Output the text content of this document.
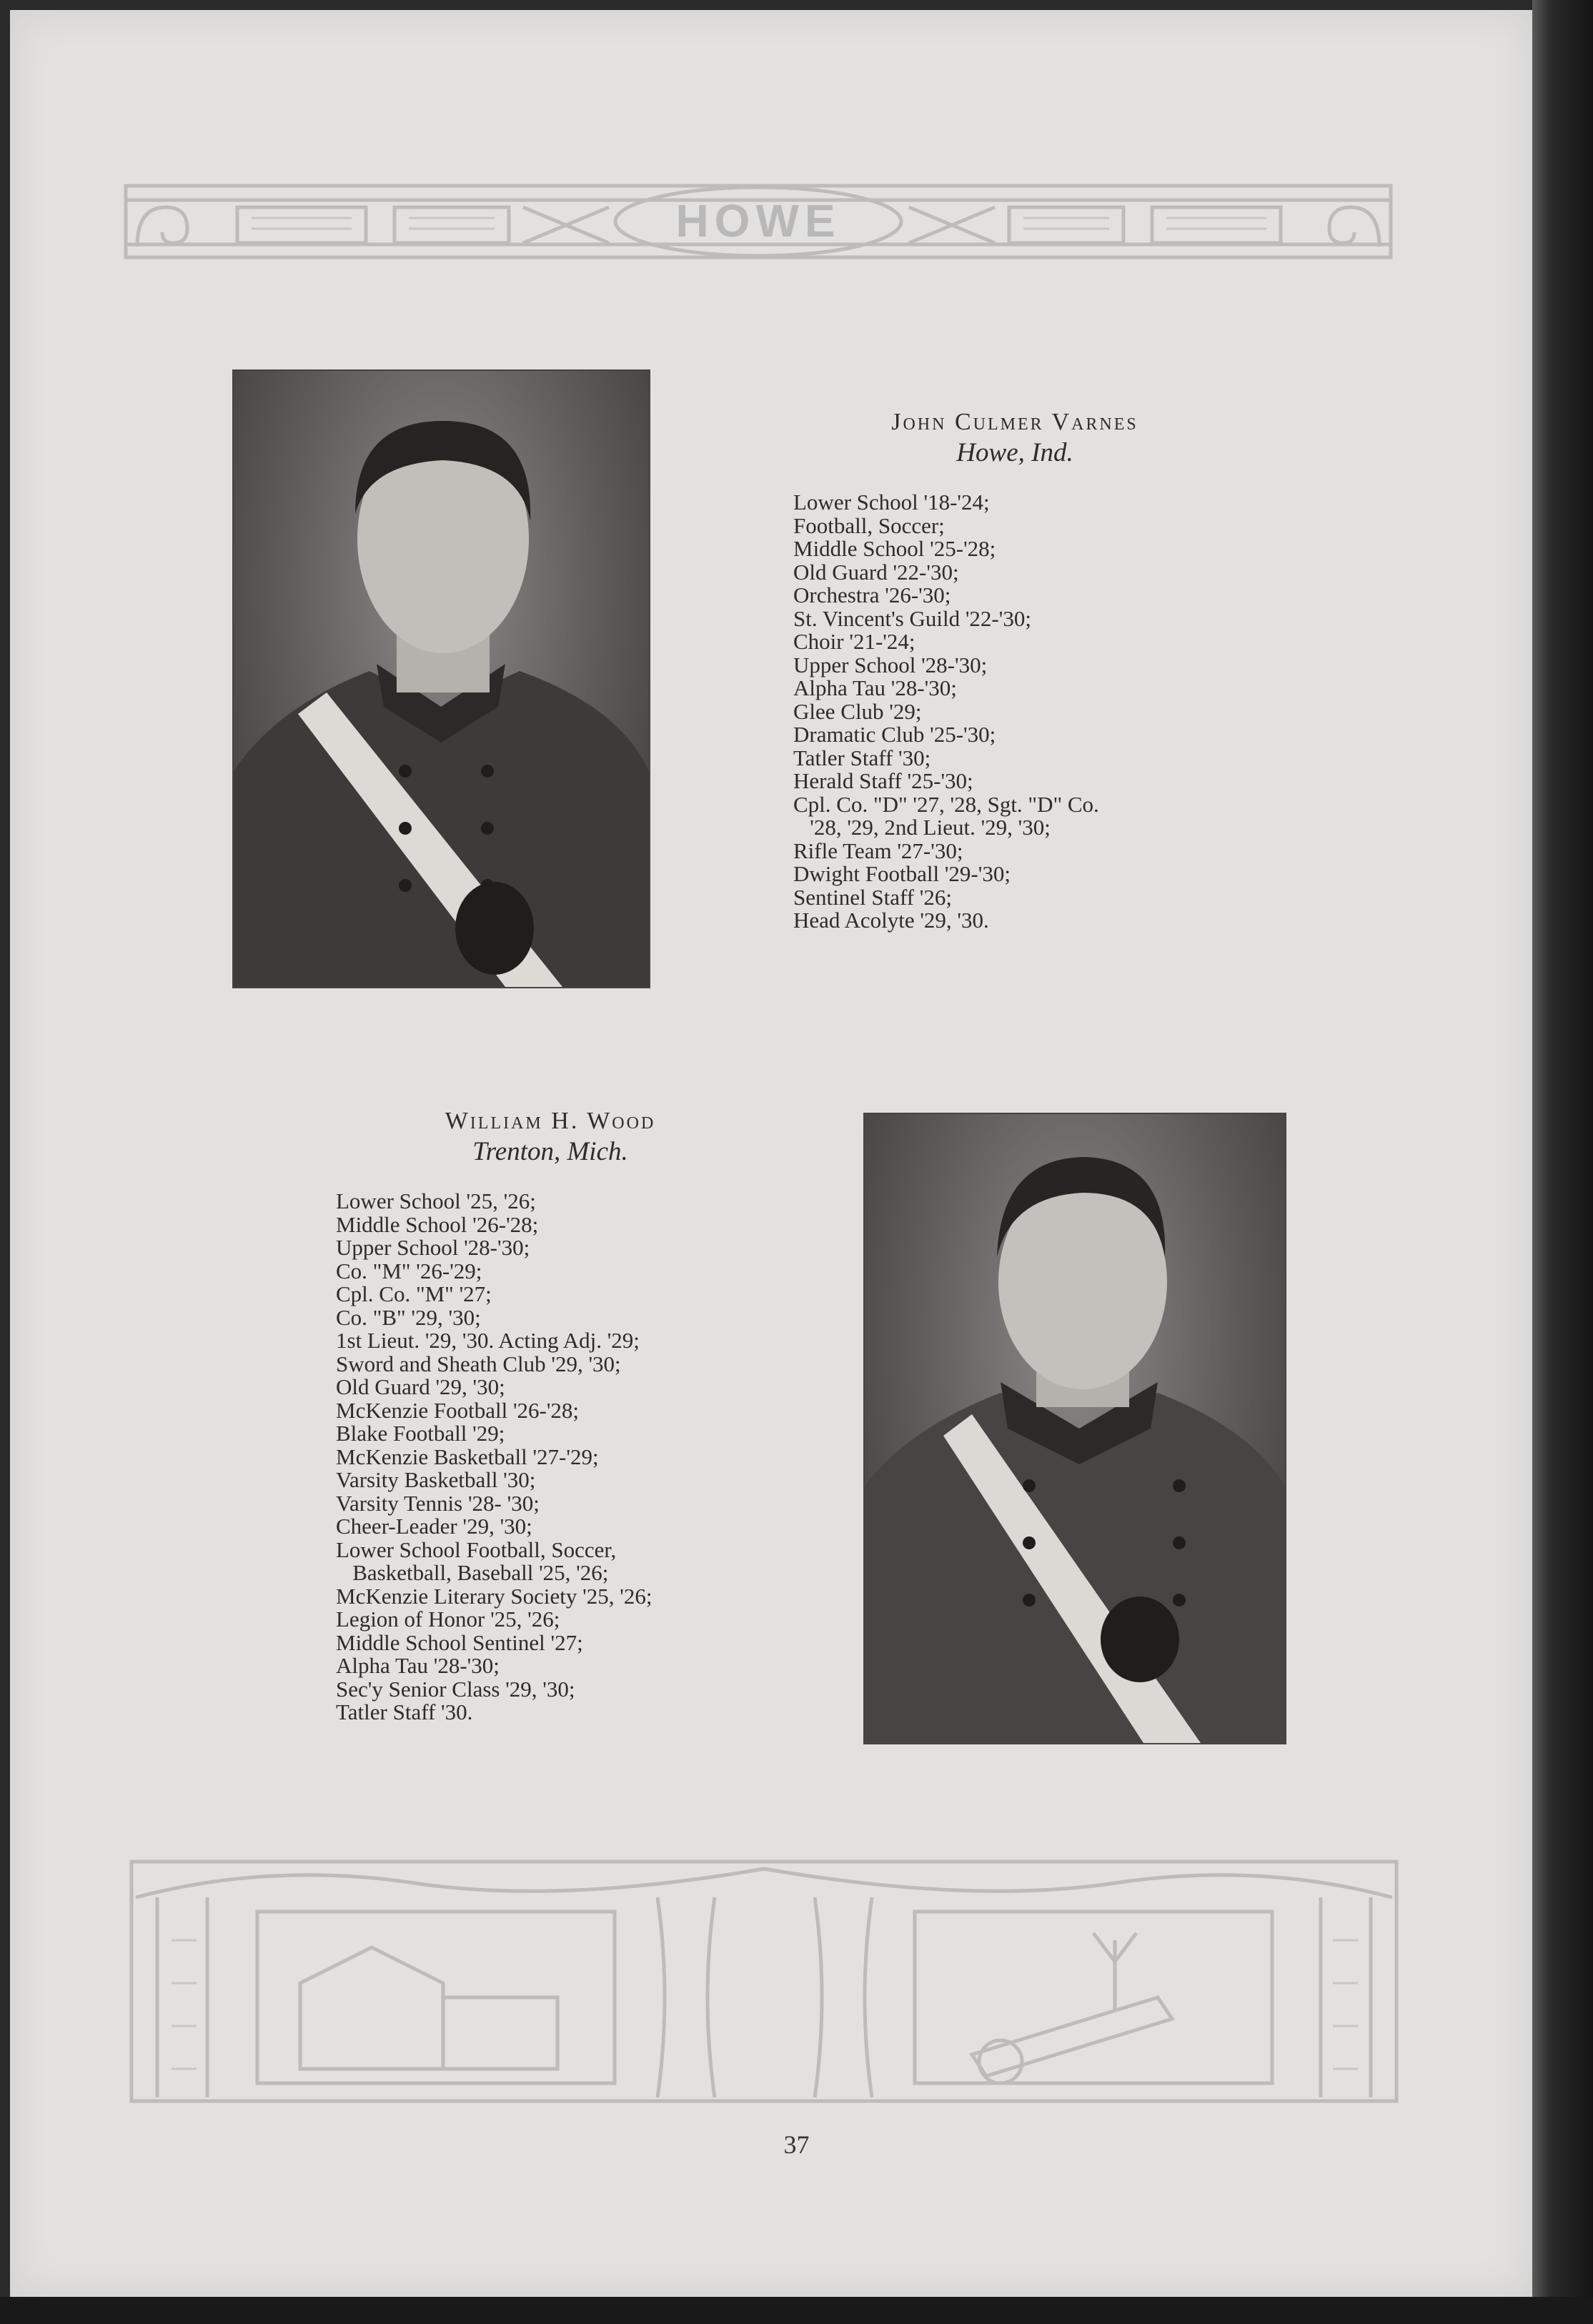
HOWE

John Culmer Varnes

Howe, Ind.

Lower School '18-'24;
Football, Soccer;
Middle School '25-'28;
Old Guard '22-'30;
Orchestra '26-'30;
St. Vincent's Guild '22-'30;
Choir '21-'24;
Upper School '28-'30;
Alpha Tau '28-'30;
Glee Club '29;
Dramatic Club '25-'30;
Tatler Staff '30;
Herald Staff '25-'30;
Cpl. Co. "D" '27, '28, Sgt. "D" Co.
'28, '29, 2nd Lieut. '29, '30;
Rifle Team '27-'30;
Dwight Football '29-'30;
Sentinel Staff '26;
Head Acolyte '29, '30.

William H. Wood

Trenton, Mich.

Lower School '25, '26;
Middle School '26-'28;
Upper School '28-'30;
Co. "M" '26-'29;
Cpl. Co. "M" '27;
Co. "B" '29, '30;
1st Lieut. '29, '30. Acting Adj. '29;
Sword and Sheath Club '29, '30;
Old Guard '29, '30;
McKenzie Football '26-'28;
Blake Football '29;
McKenzie Basketball '27-'29;
Varsity Basketball '30;
Varsity Tennis '28- '30;
Cheer-Leader '29, '30;
Lower School Football, Soccer,
Basketball, Baseball '25, '26;
McKenzie Literary Society '25, '26;
Legion of Honor '25, '26;
Middle School Sentinel '27;
Alpha Tau '28-'30;
Sec'y Senior Class '29, '30;
Tatler Staff '30.
37
